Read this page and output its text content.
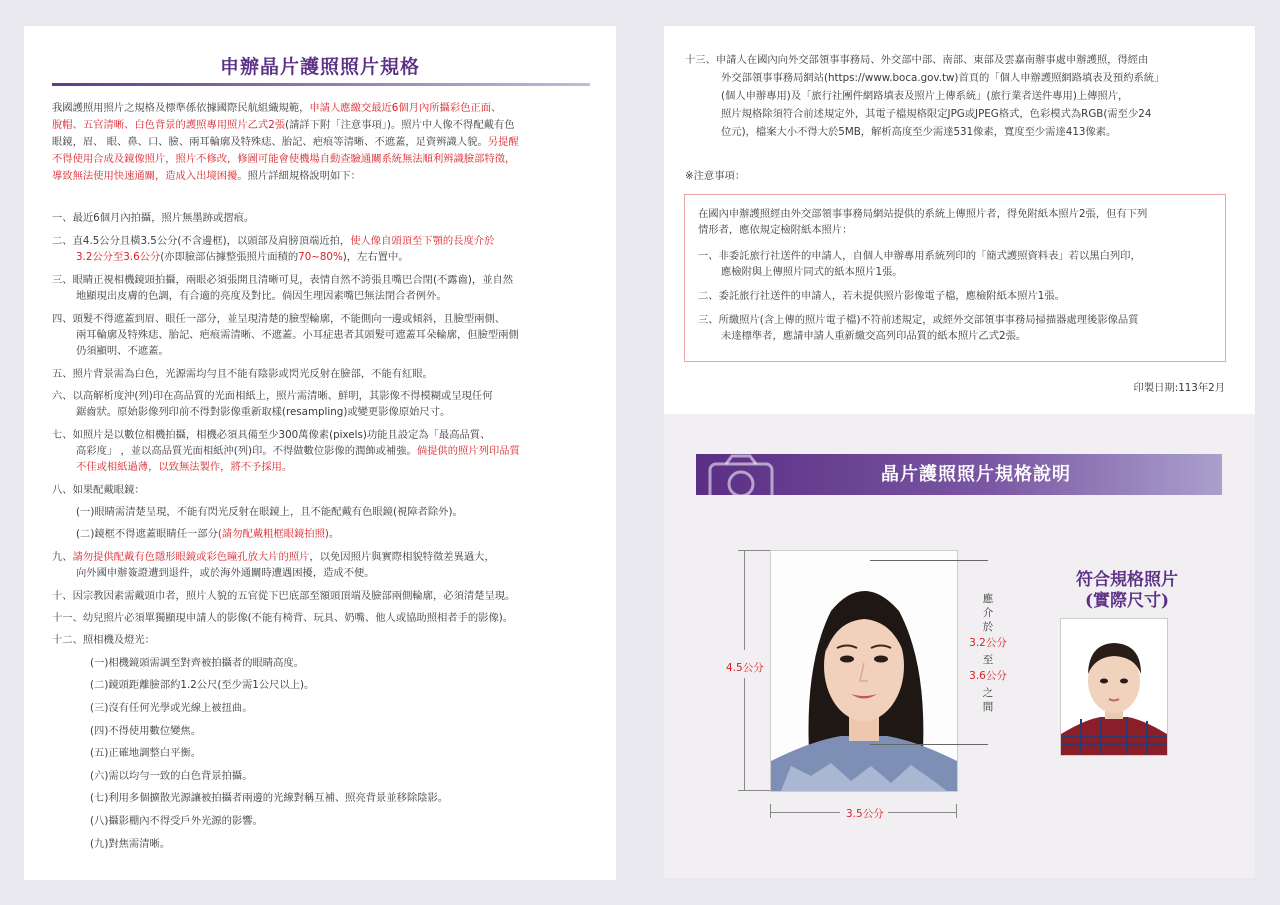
申辦晶片護照照片規格
我國護照用照片之規格及標準係依據國際民航組織規範，申請人應繳交最近6個月內所攝彩色正面、
脫帽、五官清晰、白色背景的護照專用照片乙式2張(請詳下附「注意事項」)。照片中人像不得配戴有色
眼鏡，眉、 眼、鼻、口、臉、兩耳輪廓及特殊痣、胎記、疤痕等清晰、不遮蓋，足資辨識人貌。另提醒
不得使用合成及鏡像照片，照片不修改，修圖可能會使機場自動查驗通關系統無法順利辨識臉部特徵，
導致無法使用快速通關，造成入出境困擾。照片詳細規格說明如下：
一、最近6個月內拍攝，照片無墨跡或摺痕。
二、直4.5公分且橫3.5公分(不含邊框)，以頭部及肩膀頂端近拍，使人像自頭頂至下顎的長度介於
3.2公分至3.6公分(亦即臉部佔據整張照片面積的70~80%)，左右置中。
三、眼睛正視相機鏡頭拍攝，兩眼必須張開且清晰可見，表情自然不誇張且嘴巴合閉(不露齒)，並自然
地顯現出皮膚的色調，有合適的亮度及對比。倘因生理因素嘴巴無法閉合者例外。
四、頭髮不得遮蓋到眉、眼任一部分，並呈現清楚的臉型輪廓，不能側向一邊或傾斜，且臉型兩側、
兩耳輪廓及特殊痣、胎記、疤痕需清晰、不遮蓋。小耳症患者其頭髮可遮蓋耳朵輪廓，但臉型兩側
仍須顯明、不遮蓋。
五、照片背景需為白色，光源需均勻且不能有陰影或閃光反射在臉部，不能有紅眼。
六、以高解析度沖(列)印在高品質的光面相紙上，照片需清晰、鮮明，其影像不得模糊或呈現任何
鋸齒狀。原始影像列印前不得對影像重新取樣(resampling)或變更影像原始尺寸。
七、如照片是以數位相機拍攝，相機必須具備至少300萬像素(pixels)功能且設定為「最高品質、
高彩度」 ，並以高品質光面相紙沖(列)印。不得做數位影像的潤飾或補強。倘提供的照片列印品質
不佳或相紙過薄，以致無法製作，將不予採用。
八、如果配戴眼鏡：
(一)眼睛需清楚呈現，不能有閃光反射在眼鏡上，且不能配戴有色眼鏡(視障者除外)。
(二)鏡框不得遮蓋眼睛任一部分(請勿配戴粗框眼鏡拍照)。
九、請勿提供配戴有色隱形眼鏡或彩色瞳孔放大片的照片，以免因照片與實際相貌特徵差異過大，
向外國申辦簽證遭到退件，或於海外通關時遭遇困擾，造成不便。
十、因宗教因素需戴頭巾者，照片人貌的五官從下巴底部至額頭頂端及臉部兩側輪廓，必須清楚呈現。
十一、幼兒照片必須單獨顯現申請人的影像(不能有椅背、玩具、奶嘴、他人或協助照相者手的影像)。
十二、照相機及燈光：
(一)相機鏡頭需調至對齊被拍攝者的眼睛高度。
(二)鏡頭距離臉部約1.2公尺(至少需1公尺以上)。
(三)沒有任何光學或光線上被扭曲。
(四)不得使用數位變焦。
(五)正確地調整白平衡。
(六)需以均勻一致的白色背景拍攝。
(七)利用多個擴散光源讓被拍攝者兩邊的光線對稱互補、照亮背景並移除陰影。
(八)攝影棚內不得受戶外光源的影響。
(九)對焦需清晰。
十三、申請人在國內向外交部領事事務局、外交部中部、南部、東部及雲嘉南辦事處申辦護照，得經由
外交部領事事務局網站(https://www.boca.gov.tw)首頁的「個人申辦護照網路填表及預約系統」
(個人申辦專用)及「旅行社團件網路填表及照片上傳系統」(旅行業者送件專用)上傳照片，
照片規格除須符合前述規定外，其電子檔規格限定JPG或JPEG格式，色彩模式為RGB(需至少24
位元)，檔案大小不得大於5MB，解析高度至少需達531像素，寬度至少需達413像素。
※注意事項：
在國內申辦護照經由外交部領事事務局網站提供的系統上傳照片者，得免附紙本照片2張，但有下列
情形者，應依規定檢附紙本照片：
一、非委託旅行社送件的申請人，自個人申辦專用系統列印的「簡式護照資料表」若以黑白列印，
應檢附與上傳照片同式的紙本照片1張。
二、委託旅行社送件的申請人，若未提供照片影像電子檔，應檢附紙本照片1張。
三、所繳照片(含上傳的照片電子檔)不符前述規定，或經外交部領事事務局掃描器處理後影像品質
未達標準者，應請申請人重新繳交高列印品質的紙本照片乙式2張。
印製日期:113年2月
晶片護照照片規格說明
4.5公分
應
介
於
3.2公分
至
3.6公分
之
間
3.5公分
符合規格照片
(實際尺寸)
